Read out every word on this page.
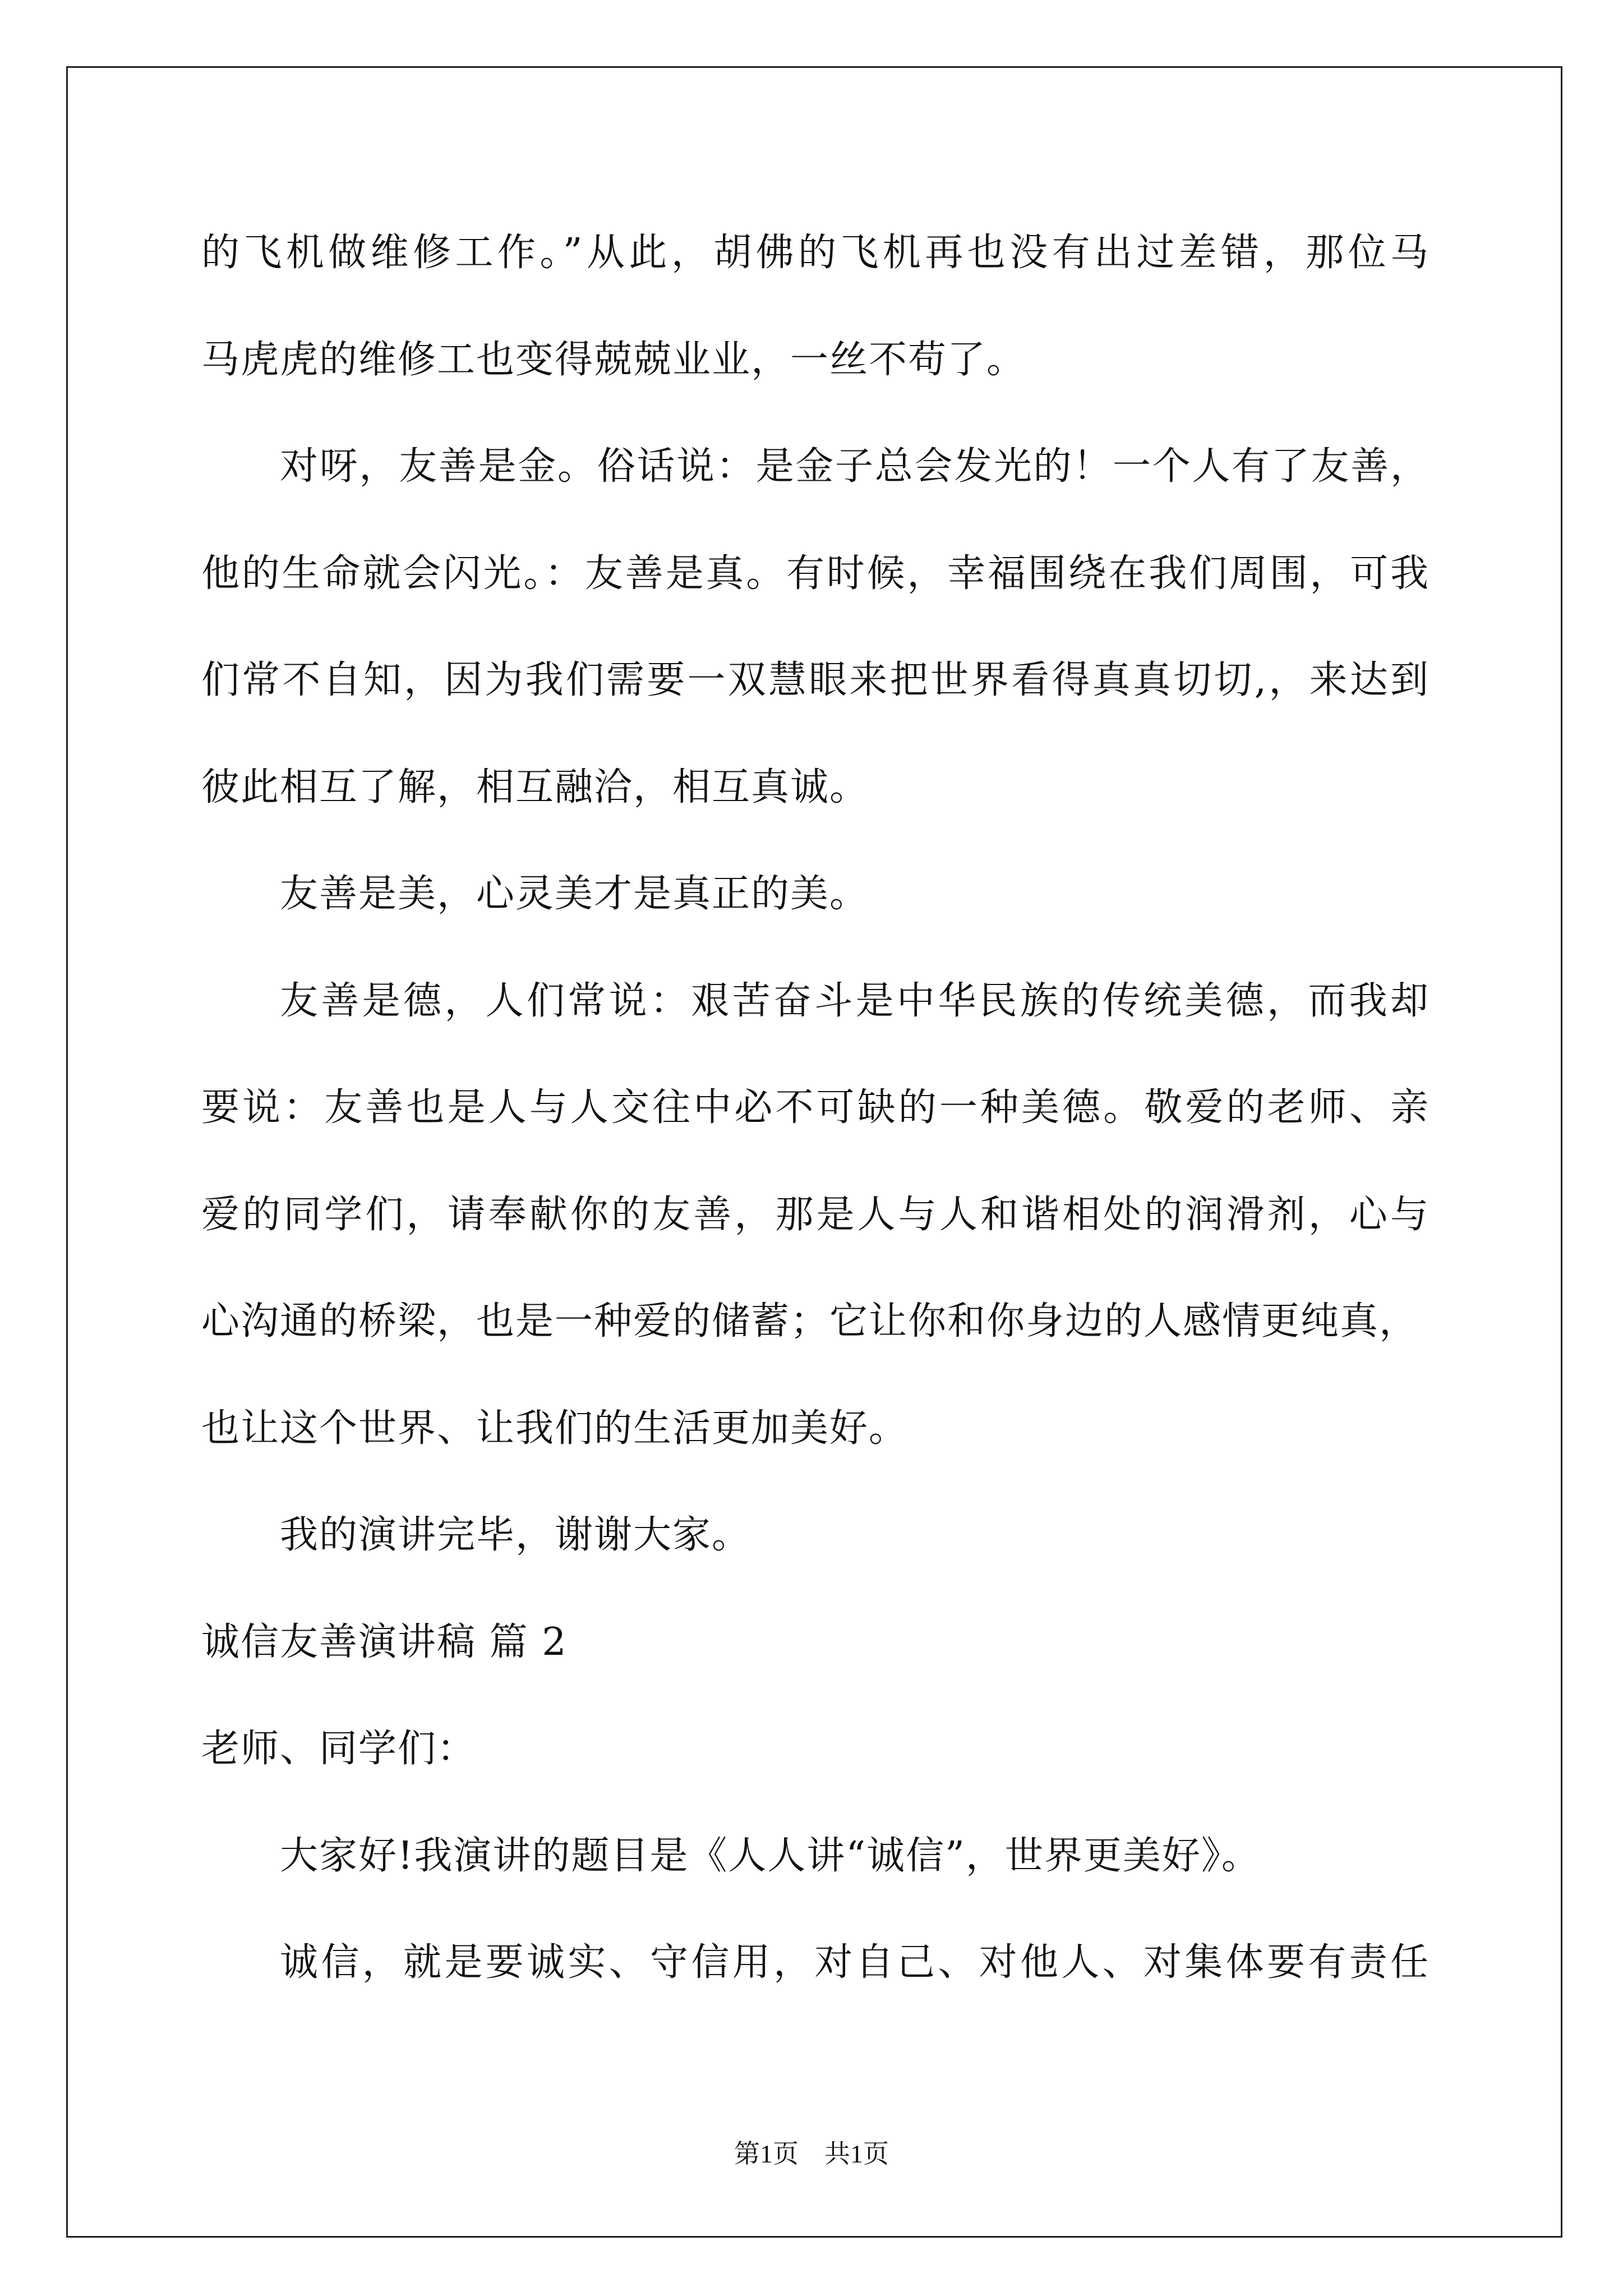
的飞机做维修工作。”从此，胡佛的飞机再也没有出过差错，那位马
马虎虎的维修工也变得兢兢业业，一丝不苟了。
对呀，友善是金。俗话说：是金子总会发光的！一个人有了友善，
他的生命就会闪光。：友善是真。有时候，幸福围绕在我们周围，可我
们常不自知，因为我们需要一双慧眼来把世界看得真真切切,，来达到
彼此相互了解，相互融洽，相互真诚。
友善是美，心灵美才是真正的美。
友善是德，人们常说：艰苦奋斗是中华民族的传统美德，而我却
要说：友善也是人与人交往中必不可缺的一种美德。敬爱的老师、亲
爱的同学们，请奉献你的友善，那是人与人和谐相处的润滑剂，心与
心沟通的桥梁，也是一种爱的储蓄；它让你和你身边的人感情更纯真，
也让这个世界、让我们的生活更加美好。
我的演讲完毕，谢谢大家。
诚信友善演讲稿 篇 2
老师、同学们：
大家好!我演讲的题目是《人人讲“诚信”，世界更美好》。
诚信，就是要诚实、守信用，对自己、对他人、对集体要有责任
第1页　共1页
